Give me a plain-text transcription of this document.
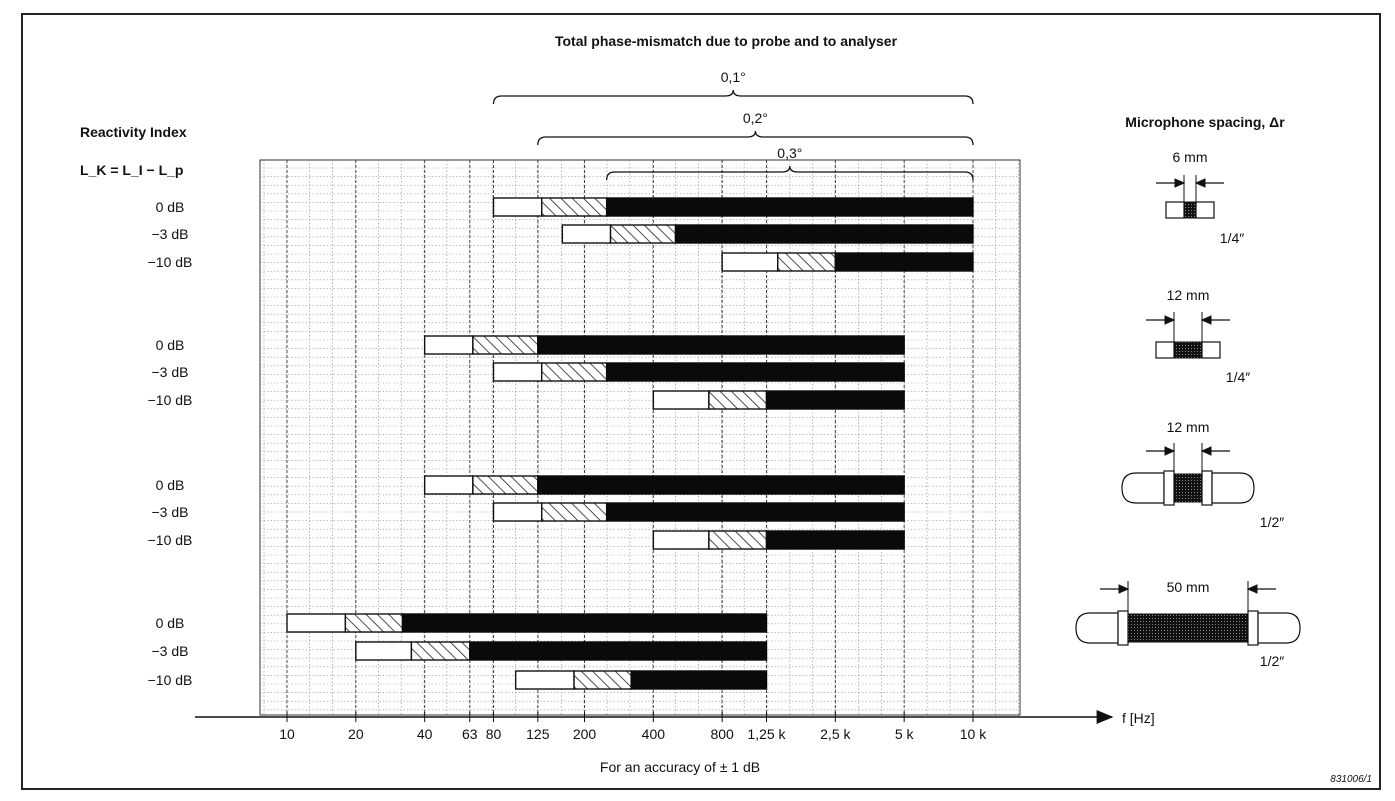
Total phase-mismatch due to probe and to analyser
Reactivity Index
L_K = L_I − L_p
Microphone spacing, Δr
f [Hz]
For an accuracy of ± 1 dB
831006/1
10	20	40 63 80 125 200	400	800 1,25 k 2,5 k	5 k	10 k
0,1°
0,2°
0,3°
0 dB
−3 dB
−10 dB
0 dB
−3 dB
−10 dB
0 dB
−3 dB
−10 dB
0 dB
−3 dB
−10 dB
6 mm
1/4″
12 mm
1/4″
12 mm
1/2″
50 mm
1/2″
